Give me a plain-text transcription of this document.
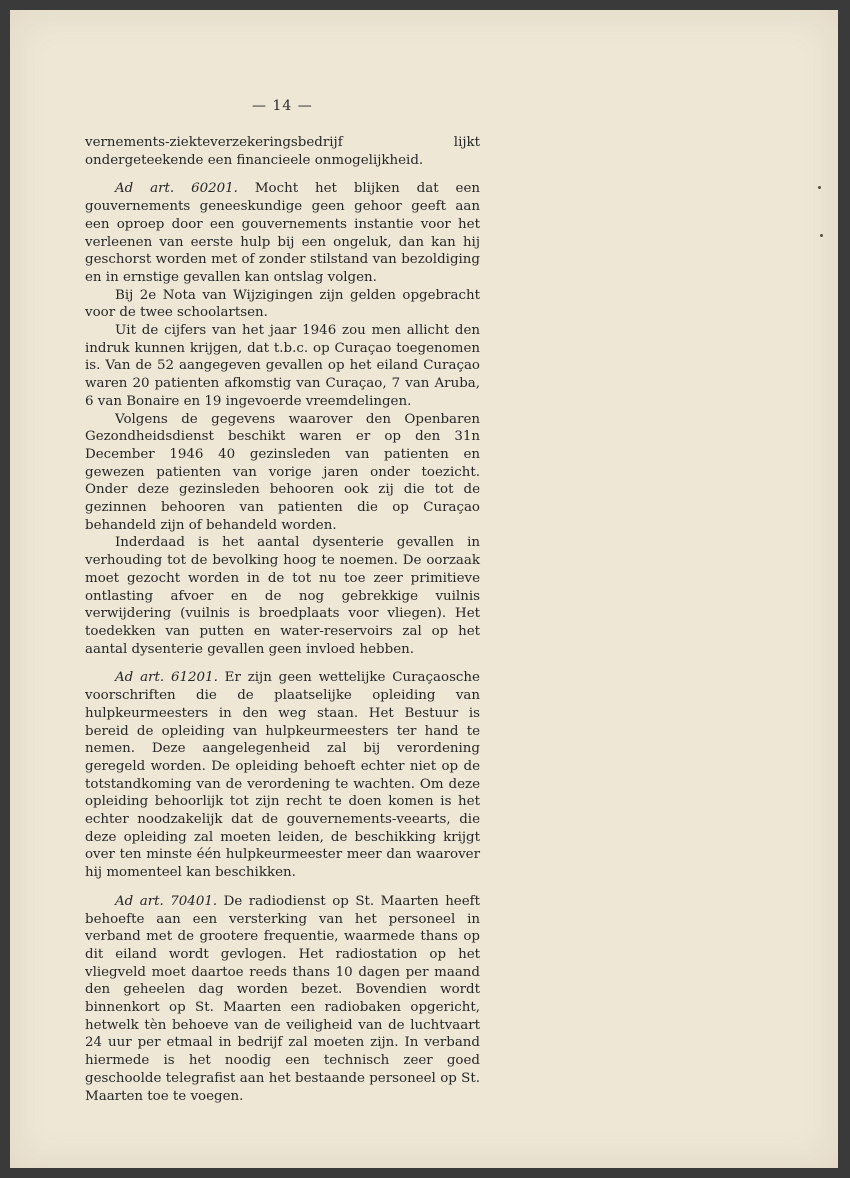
— 14 —

vernements-ziekteverzekeringsbedrijf lijkt ondergeteekende een financieele onmogelijkheid.

Ad art. 60201. Mocht het blijken dat een gouvernements geneeskundige geen gehoor geeft aan een oproep door een gouvernements instantie voor het verleenen van eerste hulp bij een ongeluk, dan kan hij geschorst worden met of zonder stilstand van bezoldiging en in ernstige gevallen kan ontslag volgen.

Bij 2e Nota van Wijzigingen zijn gelden opgebracht voor de twee schoolartsen.

Uit de cijfers van het jaar 1946 zou men allicht den indruk kunnen krijgen, dat t.b.c. op Curaçao toegenomen is. Van de 52 aangegeven gevallen op het eiland Curaçao waren 20 patienten afkomstig van Curaçao, 7 van Aruba, 6 van Bonaire en 19 ingevoerde vreemdelingen.

Volgens de gegevens waarover den Openbaren Gezondheidsdienst beschikt waren er op den 31n December 1946 40 gezinsleden van patienten en gewezen patienten van vorige jaren onder toezicht. Onder deze gezinsleden behooren ook zij die tot de gezinnen behooren van patienten die op Curaçao behandeld zijn of behandeld worden.

Inderdaad is het aantal dysenterie gevallen in verhouding tot de bevolking hoog te noemen. De oorzaak moet gezocht worden in de tot nu toe zeer primitieve ontlasting afvoer en de nog gebrekkige vuilnis verwijdering (vuilnis is broedplaats voor vliegen). Het toedekken van putten en water-reservoirs zal op het aantal dysenterie gevallen geen invloed hebben.

Ad art. 61201. Er zijn geen wettelijke Curaçaosche voorschriften die de plaatselijke opleiding van hulpkeurmeesters in den weg staan. Het Bestuur is bereid de opleiding van hulpkeurmeesters ter hand te nemen. Deze aangelegenheid zal bij verordening geregeld worden. De opleiding behoeft echter niet op de totstandkoming van de verordening te wachten. Om deze opleiding behoorlijk tot zijn recht te doen komen is het echter noodzakelijk dat de gouvernements-veearts, die deze opleiding zal moeten leiden, de beschikking krijgt over ten minste één hulpkeurmeester meer dan waarover hij momenteel kan beschikken.

Ad art. 70401. De radiodienst op St. Maarten heeft behoefte aan een versterking van het personeel in verband met de grootere frequentie, waarmede thans op dit eiland wordt gevlogen. Het radiostation op het vliegveld moet daartoe reeds thans 10 dagen per maand den geheelen dag worden bezet. Bovendien wordt binnenkort op St. Maarten een radiobaken opgericht, hetwelk tèn behoeve van de veiligheid van de luchtvaart 24 uur per etmaal in bedrijf zal moeten zijn. In verband hiermede is het noodig een technisch zeer goed geschoolde telegrafist aan het bestaande personeel op St. Maarten toe te voegen.
